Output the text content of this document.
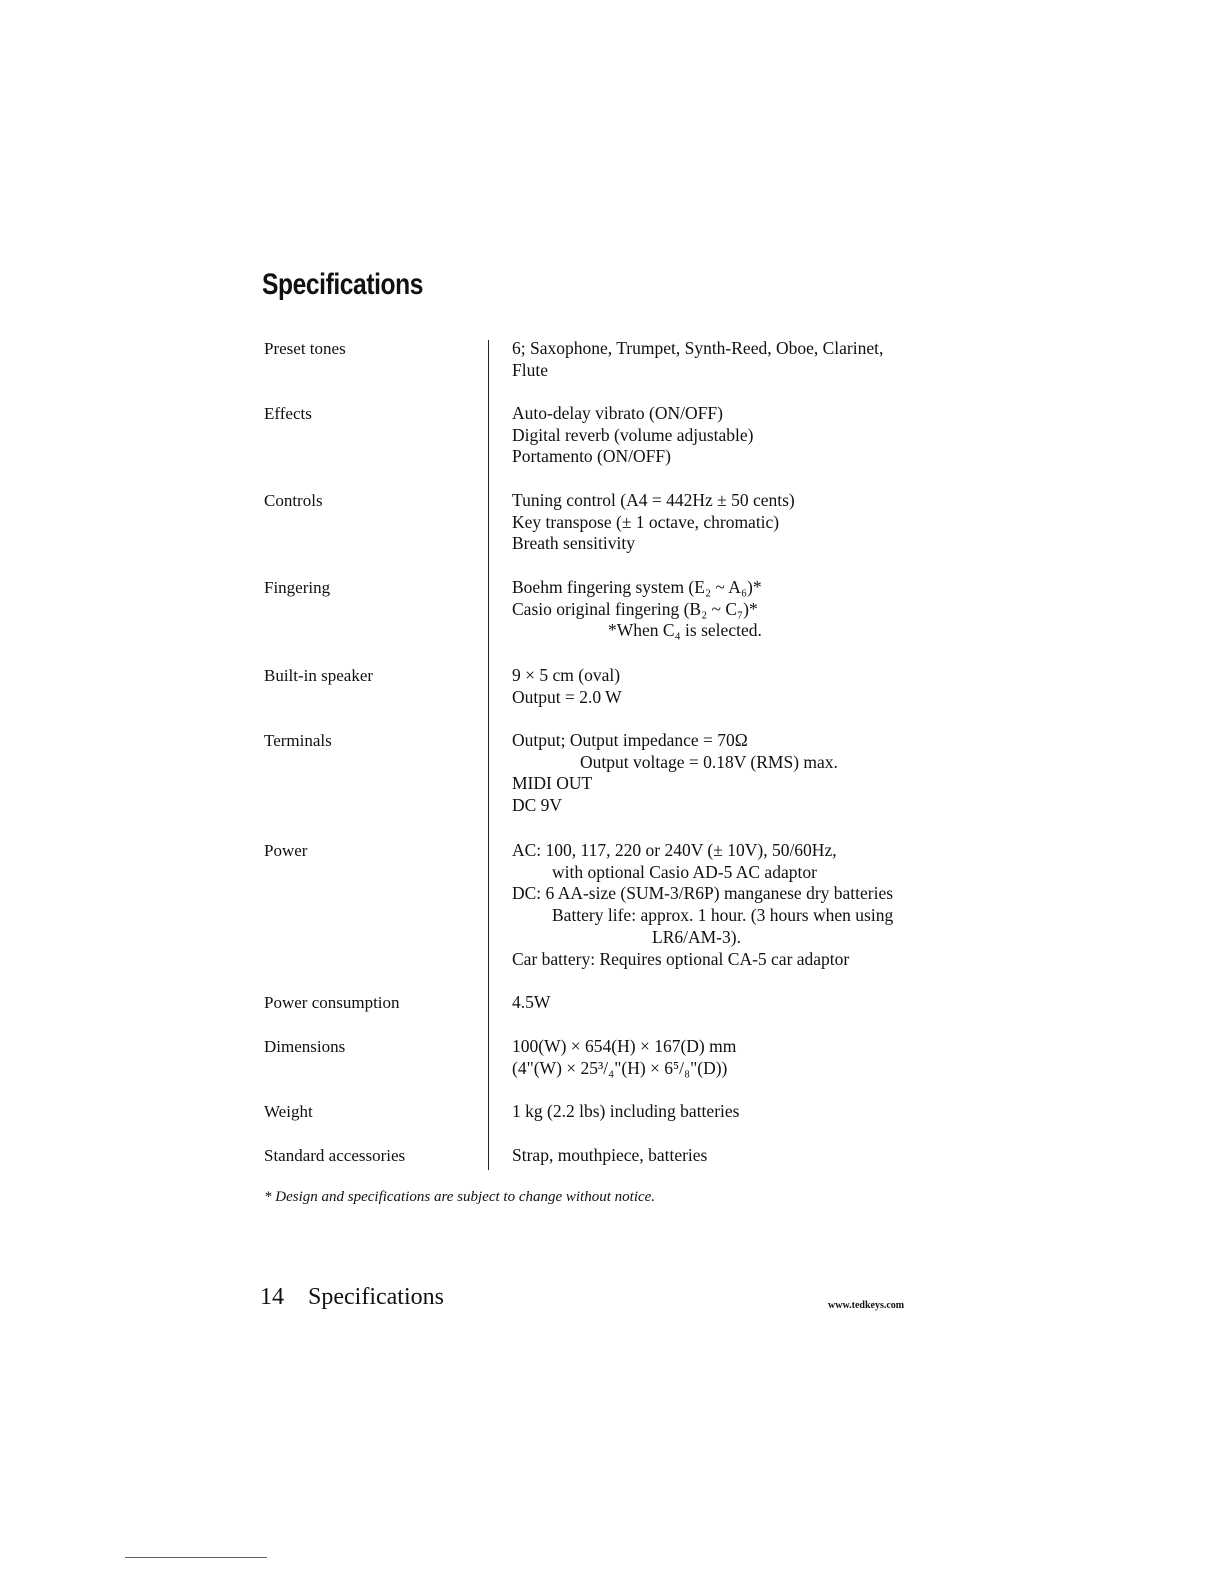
Specifications
Preset tones	6; Saxophone, Trumpet, Synth-Reed, Oboe, Clarinet,
Flute
Effects	Auto-delay vibrato (ON/OFF)
Digital reverb (volume adjustable)
Portamento (ON/OFF)
Controls	Tuning control (A4 = 442Hz ± 50 cents)
Key transpose (± 1 octave, chromatic)
Breath sensitivity
Fingering	Boehm fingering system (E₂ ~ A₆)*
Casio original fingering (B₂ ~ C₇)*
*When C₄ is selected.
Built-in speaker	9 × 5 cm (oval)
Output = 2.0 W
Terminals	Output; Output impedance = 70Ω
Output voltage = 0.18V (RMS) max.
MIDI OUT
DC 9V
Power	AC: 100, 117, 220 or 240V (± 10V), 50/60Hz,
with optional Casio AD-5 AC adaptor
DC: 6 AA-size (SUM-3/R6P) manganese dry batteries
Battery life: approx. 1 hour. (3 hours when using
LR6/AM-3).
Car battery: Requires optional CA-5 car adaptor
Power consumption	4.5W
Dimensions	100(W) × 654(H) × 167(D) mm
(4"(W) × 25³/₄"(H) × 6⁵/₈"(D))
Weight	1 kg (2.2 lbs) including batteries
Standard accessories	Strap, mouthpiece, batteries
* Design and specifications are subject to change without notice.
14 Specifications	www.tedkeys.com
